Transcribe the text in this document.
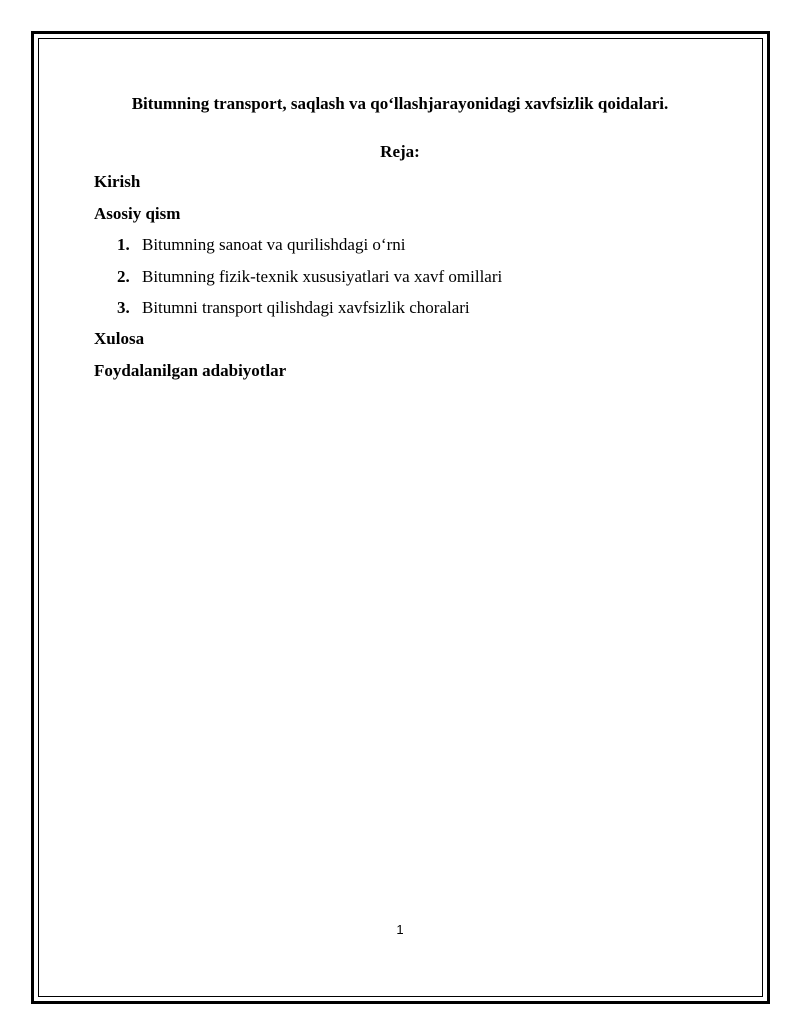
Bitumning transport, saqlash va qo‘llashjarayonidagi xavfsizlik qoidalari.
Reja:
Kirish
Asosiy qism
1. Bitumning sanoat va qurilishdagi o‘rni
2. Bitumning fizik-texnik xususiyatlari va xavf omillari
3. Bitumni transport qilishdagi xavfsizlik choralari
Xulosa
Foydalanilgan adabiyotlar
1
